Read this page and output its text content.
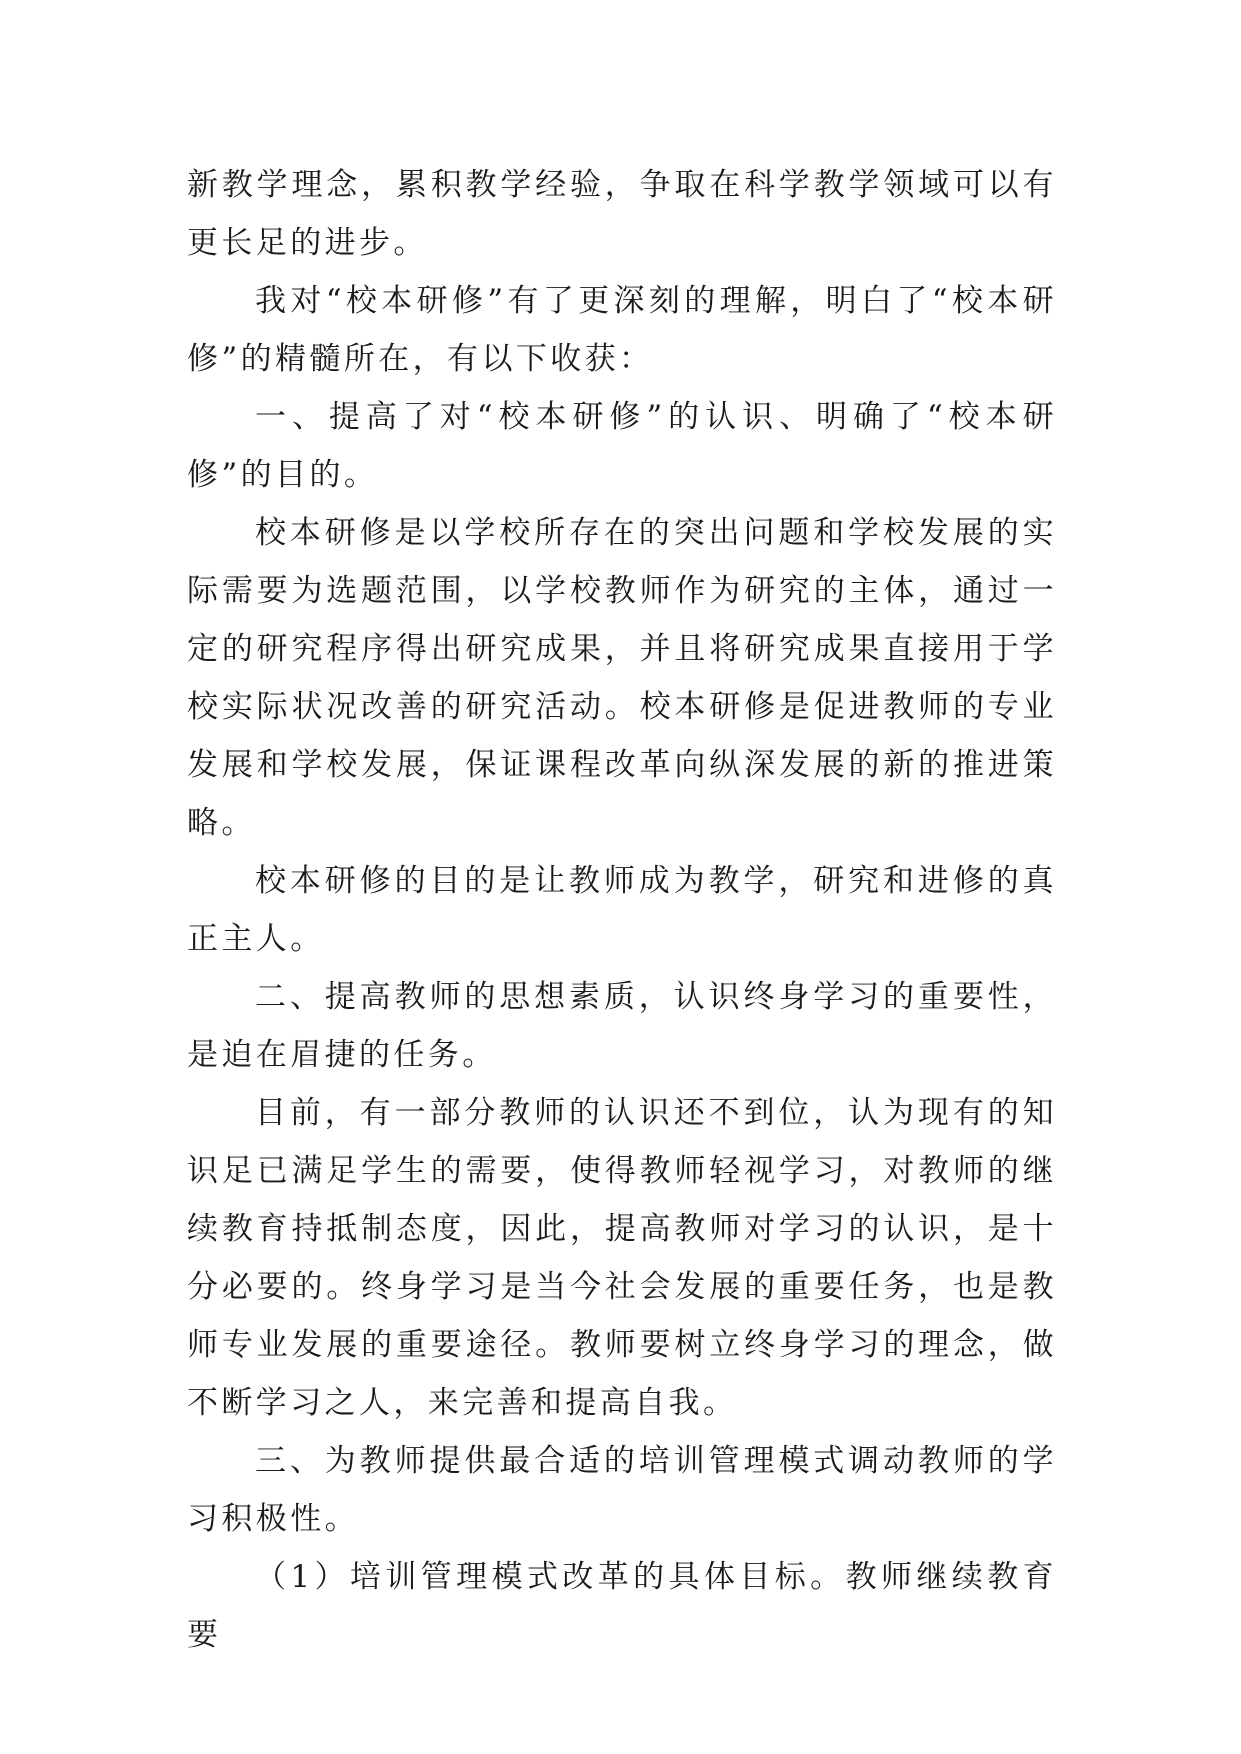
新教学理念，累积教学经验，争取在科学教学领域可以有更长足的进步。

我对“校本研修”有了更深刻的理解，明白了“校本研修”的精髓所在，有以下收获：

一、提高了对“校本研修”的认识、明确了“校本研修”的目的。

校本研修是以学校所存在的突出问题和学校发展的实际需要为选题范围，以学校教师作为研究的主体，通过一定的研究程序得出研究成果，并且将研究成果直接用于学校实际状况改善的研究活动。校本研修是促进教师的专业发展和学校发展，保证课程改革向纵深发展的新的推进策略。

校本研修的目的是让教师成为教学，研究和进修的真正主人。

二、提高教师的思想素质，认识终身学习的重要性，是迫在眉捷的任务。

目前，有一部分教师的认识还不到位，认为现有的知识足已满足学生的需要，使得教师轻视学习，对教师的继续教育持抵制态度，因此，提高教师对学习的认识，是十分必要的。终身学习是当今社会发展的重要任务，也是教师专业发展的重要途径。教师要树立终身学习的理念，做不断学习之人，来完善和提高自我。

三、为教师提供最合适的培训管理模式调动教师的学习积极性。

（1）培训管理模式改革的具体目标。教师继续教育要
